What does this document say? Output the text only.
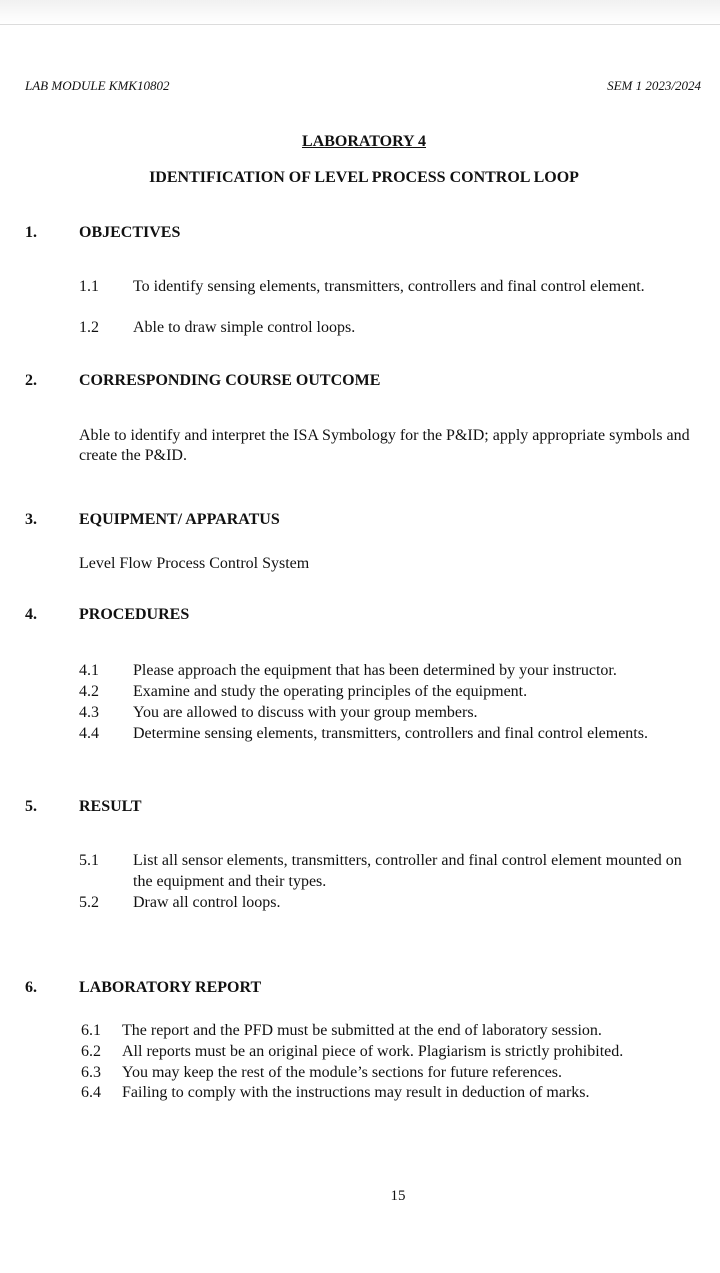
LAB MODULE KMK10802	SEM 1 2023/2024
LABORATORY 4
IDENTIFICATION OF LEVEL PROCESS CONTROL LOOP
1.	OBJECTIVES
1.1	To identify sensing elements, transmitters, controllers and final control element.
1.2	Able to draw simple control loops.
2.	CORRESPONDING COURSE OUTCOME
Able to identify and interpret the ISA Symbology for the P&ID; apply appropriate symbols and create the P&ID.
3.	EQUIPMENT/ APPARATUS
Level Flow Process Control System
4.	PROCEDURES
4.1	Please approach the equipment that has been determined by your instructor.
4.2	Examine and study the operating principles of the equipment.
4.3	You are allowed to discuss with your group members.
4.4	Determine sensing elements, transmitters, controllers and final control elements.
5.	RESULT
5.1	List all sensor elements, transmitters, controller and final control element mounted on the equipment and their types.
5.2	Draw all control loops.
6.	LABORATORY REPORT
6.1	The report and the PFD must be submitted at the end of laboratory session.
6.2	All reports must be an original piece of work. Plagiarism is strictly prohibited.
6.3	You may keep the rest of the module’s sections for future references.
6.4	Failing to comply with the instructions may result in deduction of marks.
15
